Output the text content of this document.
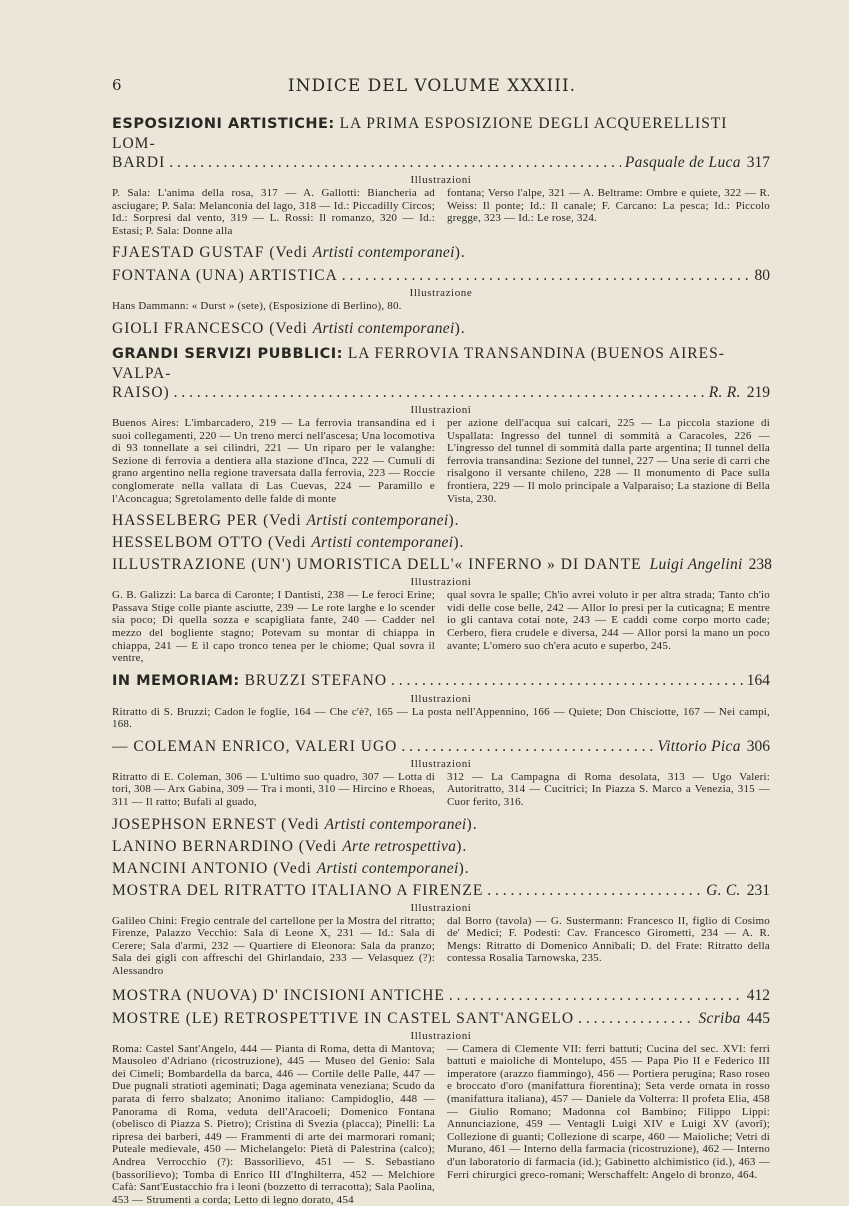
6	INDICE DEL VOLUME XXXIII.
ESPOSIZIONI ARTISTICHE: LA PRIMA ESPOSIZIONE DEGLI ACQUERELLISTI LOM-
BARDI . . .	Pasquale de Luca 317
Illustrazioni
P. Sala: L'anima della rosa, 317 — A. Gallotti: Biancheria ad asciugare; P. Sala: Melanconia del lago, 318 — Id.: Piccadilly Circos; Id.: Sorpresi dal vento, 319 — L. Rossi: Il romanzo, 320 — Id.: Estasi; P. Sala: Donne alla
fontana; Verso l'alpe, 321 — A. Beltrame: Ombre e quiete, 322 — R. Weiss: Il ponte; Id.: Il canale; F. Carcano: La pesca; Id.: Piccolo gregge, 323 — Id.: Le rose, 324.
FJAESTAD GUSTAF (Vedi Artisti contemporanei).
FONTANA (UNA) ARTISTICA . . .	80
Illustrazione
Hans Dammann: « Durst » (sete), (Esposizione di Berlino), 80.
GIOLI FRANCESCO (Vedi Artisti contemporanei).
GRANDI SERVIZI PUBBLICI: LA FERROVIA TRANSANDINA (BUENOS AIRES-VALPA-
RAISO) . . .	R. R. 219
Illustrazioni
Buenos Aires: L'imbarcadero, 219 — La ferrovia transandina ed i suoi collegamenti, 220 — Un treno merci nell'ascesa; Una locomotiva di 93 tonnellate a sei cilindri, 221 — Un riparo per le valanghe: Sezione di ferrovia a dentiera alla stazione d'Inca, 222 — Cumuli di grano argentino nella regione traversata dalla ferrovia, 223 — Roccie conglomerate nella vallata di Las Cuevas, 224 — Paramillo e l'Aconcagua; Sgretolamento delle falde di monte
per azione dell'acqua sui calcari, 225 — La piccola stazione di Uspallata: Ingresso del tunnel di sommità a Caracoles, 226 — L'ingresso del tunnel di sommità dalla parte argentina; Il tunnel della ferrovia transandina: Sezione del tunnel, 227 — Una serie di carri che risalgono il versante chileno, 228 — Il monumento di Pace sulla frontiera, 229 — Il molo principale a Valparaiso; La stazione di Bella Vista, 230.
HASSELBERG PER (Vedi Artisti contemporanei).
HESSELBOM OTTO (Vedi Artisti contemporanei).
ILLUSTRAZIONE (UN') UMORISTICA DELL'« INFERNO » DI DANTE Luigi Angelini 238
Illustrazioni
G. B. Galizzi: La barca di Caronte; I Dantisti, 238 — Le feroci Erine; Passava Stige colle piante asciutte, 239 — Le rote larghe e lo scender sia poco; Di quella sozza e scapigliata fante, 240 — Cadder nel mezzo del bogliente stagno; Potevam su montar di chiappa in chiappa, 241 — E il capo tronco tenea per le chiome; Qual sovra il ventre,
qual sovra le spalle; Ch'io avrei voluto ir per altra strada; Tanto ch'io vidi delle cose belle, 242 — Allor lo presi per la cuticagna; E mentre io gli cantava cotai note, 243 — E caddi come corpo morto cade; Cerbero, fiera crudele e diversa, 244 — Allor porsi la mano un poco avante; L'omero suo ch'era acuto e superbo, 245.
IN MEMORIAM: BRUZZI STEFANO . . .	164
Illustrazioni
Ritratto di S. Bruzzi; Cadon le foglie, 164 — Che c'è?, 165 — La posta nell'Appennino, 166 — Quiete; Don Chisciotte, 167 — Nei campi, 168.
— COLEMAN ENRICO, VALERI UGO . . .	Vittorio Pica 306
Illustrazioni
Ritratto di E. Coleman, 306 — L'ultimo suo quadro, 307 — Lotta di tori, 308 — Arx Gabina, 309 — Tra i monti, 310 — Hircino e Rhoeas, 311 — Il ratto; Bufali al guado,
312 — La Campagna di Roma desolata, 313 — Ugo Valeri: Autoritratto, 314 — Cucitrici; In Piazza S. Marco a Venezia, 315 — Cuor ferito, 316.
JOSEPHSON ERNEST (Vedi Artisti contemporanei).
LANINO BERNARDINO (Vedi Arte retrospettiva).
MANCINI ANTONIO (Vedi Artisti contemporanei).
MOSTRA DEL RITRATTO ITALIANO A FIRENZE . . .	G. C. 231
Illustrazioni
Galileo Chini: Fregio centrale del cartellone per la Mostra del ritratto; Firenze, Palazzo Vecchio: Sala di Leone X, 231 — Id.: Sala di Cerere; Sala d'armi, 232 — Quartiere di Eleonora: Sala da pranzo; Sala dei gigli con affreschi del Ghirlandaio, 233 — Velasquez (?): Alessandro
dal Borro (tavola) — G. Sustermann: Francesco II, figlio di Cosimo de' Medici; F. Podesti: Cav. Francesco Girometti, 234 — A. R. Mengs: Ritratto di Domenico Annibali; D. del Frate: Ritratto della contessa Rosalia Tarnowska, 235.
MOSTRA (NUOVA) D' INCISIONI ANTICHE . . .	412
MOSTRE (LE) RETROSPETTIVE IN CASTEL SANT'ANGELO . . .	Scriba 445
Illustrazioni
Roma: Castel Sant'Angelo, 444 — Pianta di Roma, detta di Mantova; Mausoleo d'Adriano (ricostruzione), 445 — Museo del Genio: Sala dei Cimeli; Bombardella da barca, 446 — Cortile delle Palle, 447 — Due pugnali stratioti ageminati; Daga ageminata veneziana; Scudo da parata di ferro sbalzato; Anonimo italiano: Campidoglio, 448 — Panorama di Roma, veduta dell'Aracoeli; Domenico Fontana (obelisco di Piazza S. Pietro); Cristina di Svezia (placca); Pinelli: La ripresa dei barberi, 449 — Frammenti di arte dei marmorari romani; Puteale medievale, 450 — Michelangelo: Pietà di Palestrina (calco); Andrea Verrocchio (?): Bassorilievo, 451 — S. Sebastiano (bassorilievo); Tomba di Enrico III d'Inghilterra, 452 — Melchiore Cafà: Sant'Eustacchio fra i leoni (bozzetto di terracotta); Sala Paolina, 453 — Strumenti a corda; Letto di legno dorato, 454
— Camera di Clemente VII: ferri battuti; Cucina del sec. XVI: ferri battuti e maioliche di Montelupo, 455 — Papa Pio II e Federico III imperatore (arazzo fiammingo), 456 — Portiera perugina; Raso roseo e broccato d'oro (manifattura fiorentina); Seta verde ornata in rosso (manifattura italiana), 457 — Daniele da Volterra: Il profeta Elia, 458 — Giulio Romano; Madonna col Bambino; Filippo Lippi: Annunciazione, 459 — Ventagli Luigi XIV e Luigi XV (avorî); Collezione di guanti; Collezione di scarpe, 460 — Maioliche; Vetri di Murano, 461 — Interno della farmacia (ricostruzione), 462 — Interno d'un laboratorio di farmacia (id.); Gabinetto alchimistico (id.), 463 — Ferri chirurgici greco-romani; Werschaffelt: Angelo di bronzo, 464.
